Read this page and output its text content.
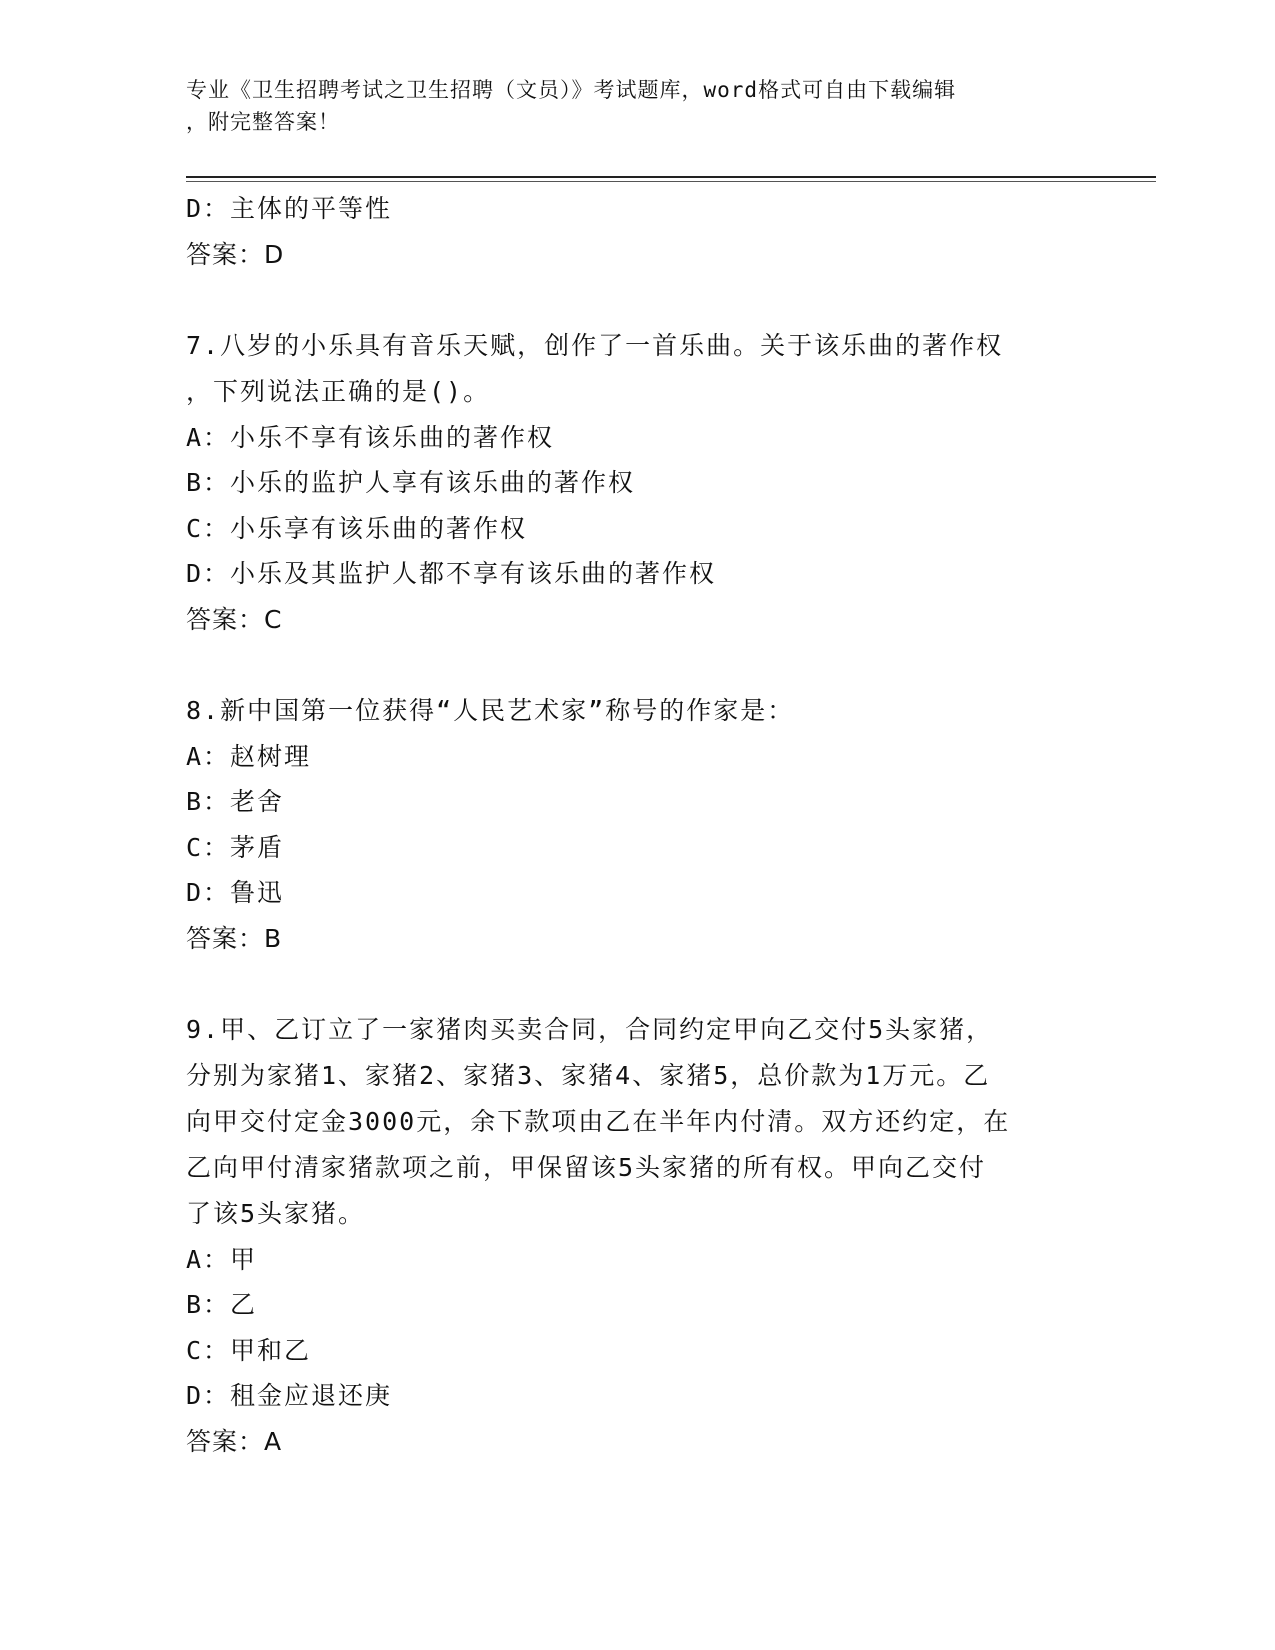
专业《卫生招聘考试之卫生招聘（文员）》考试题库，word格式可自由下载编辑
，附完整答案！
D：主体的平等性
答案：D
7.八岁的小乐具有音乐天赋，创作了一首乐曲。关于该乐曲的著作权
，下列说法正确的是()。
A：小乐不享有该乐曲的著作权
B：小乐的监护人享有该乐曲的著作权
C：小乐享有该乐曲的著作权
D：小乐及其监护人都不享有该乐曲的著作权
答案：C
8.新中国第一位获得“人民艺术家”称号的作家是：
A：赵树理
B：老舍
C：茅盾
D：鲁迅
答案：B
9.甲、乙订立了一家猪肉买卖合同，合同约定甲向乙交付5头家猪，
分别为家猪1、家猪2、家猪3、家猪4、家猪5，总价款为1万元。乙
向甲交付定金3000元，余下款项由乙在半年内付清。双方还约定，在
乙向甲付清家猪款项之前，甲保留该5头家猪的所有权。甲向乙交付
了该5头家猪。
A：甲
B：乙
C：甲和乙
D：租金应退还庚
答案：A
